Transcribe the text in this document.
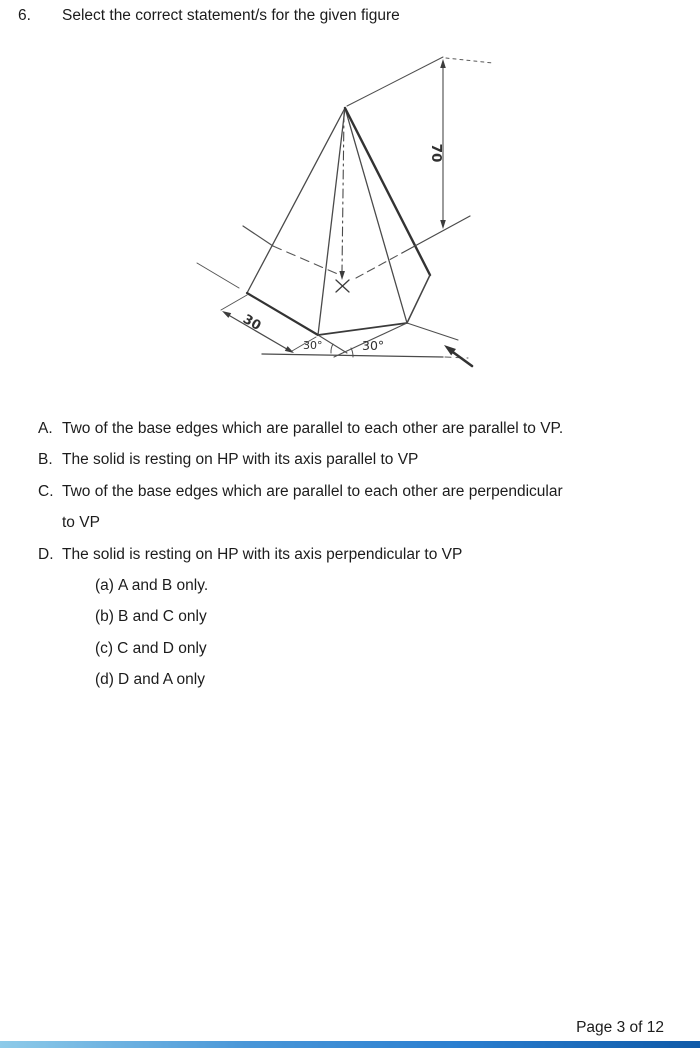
6. Select the correct statement/s for the given figure
70
30
30°	30°
A. Two of the base edges which are parallel to each other are parallel to VP.
B. The solid is resting on HP with its axis parallel to VP
C. Two of the base edges which are parallel to each other are perpendicular
to VP
D. The solid is resting on HP with its axis perpendicular to VP
(a) A and B only.
(b) B and C only
(c) C and D only
(d) D and A only
Page 3 of 12
